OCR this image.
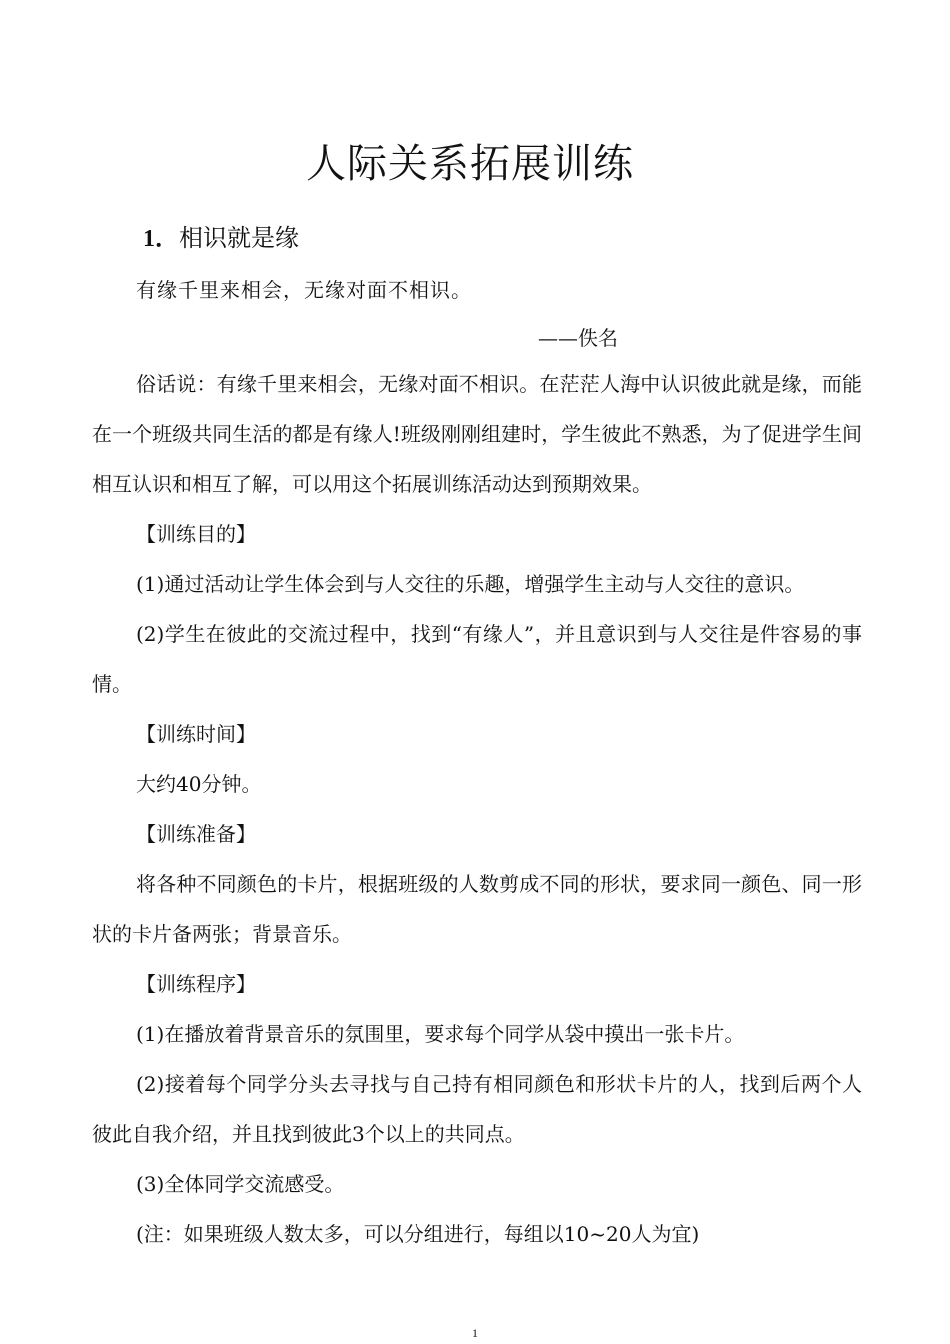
人际关系拓展训练
1．相识就是缘
有缘千里来相会，无缘对面不相识。
——佚名

俗话说：有缘千里来相会，无缘对面不相识。在茫茫人海中认识彼此就是缘，而能在一个班级共同生活的都是有缘人!班级刚刚组建时，学生彼此不熟悉，为了促进学生间相互认识和相互了解，可以用这个拓展训练活动达到预期效果。

【训练目的】

(1)通过活动让学生体会到与人交往的乐趣，增强学生主动与人交往的意识。

(2)学生在彼此的交流过程中，找到“有缘人”，并且意识到与人交往是件容易的事情。

【训练时间】

大约40分钟。

【训练准备】

将各种不同颜色的卡片，根据班级的人数剪成不同的形状，要求同一颜色、同一形状的卡片备两张；背景音乐。

【训练程序】

(1)在播放着背景音乐的氛围里，要求每个同学从袋中摸出一张卡片。

(2)接着每个同学分头去寻找与自己持有相同颜色和形状卡片的人，找到后两个人彼此自我介绍，并且找到彼此3个以上的共同点。

(3)全体同学交流感受。

(注：如果班级人数太多，可以分组进行，每组以10~20人为宜)

1
